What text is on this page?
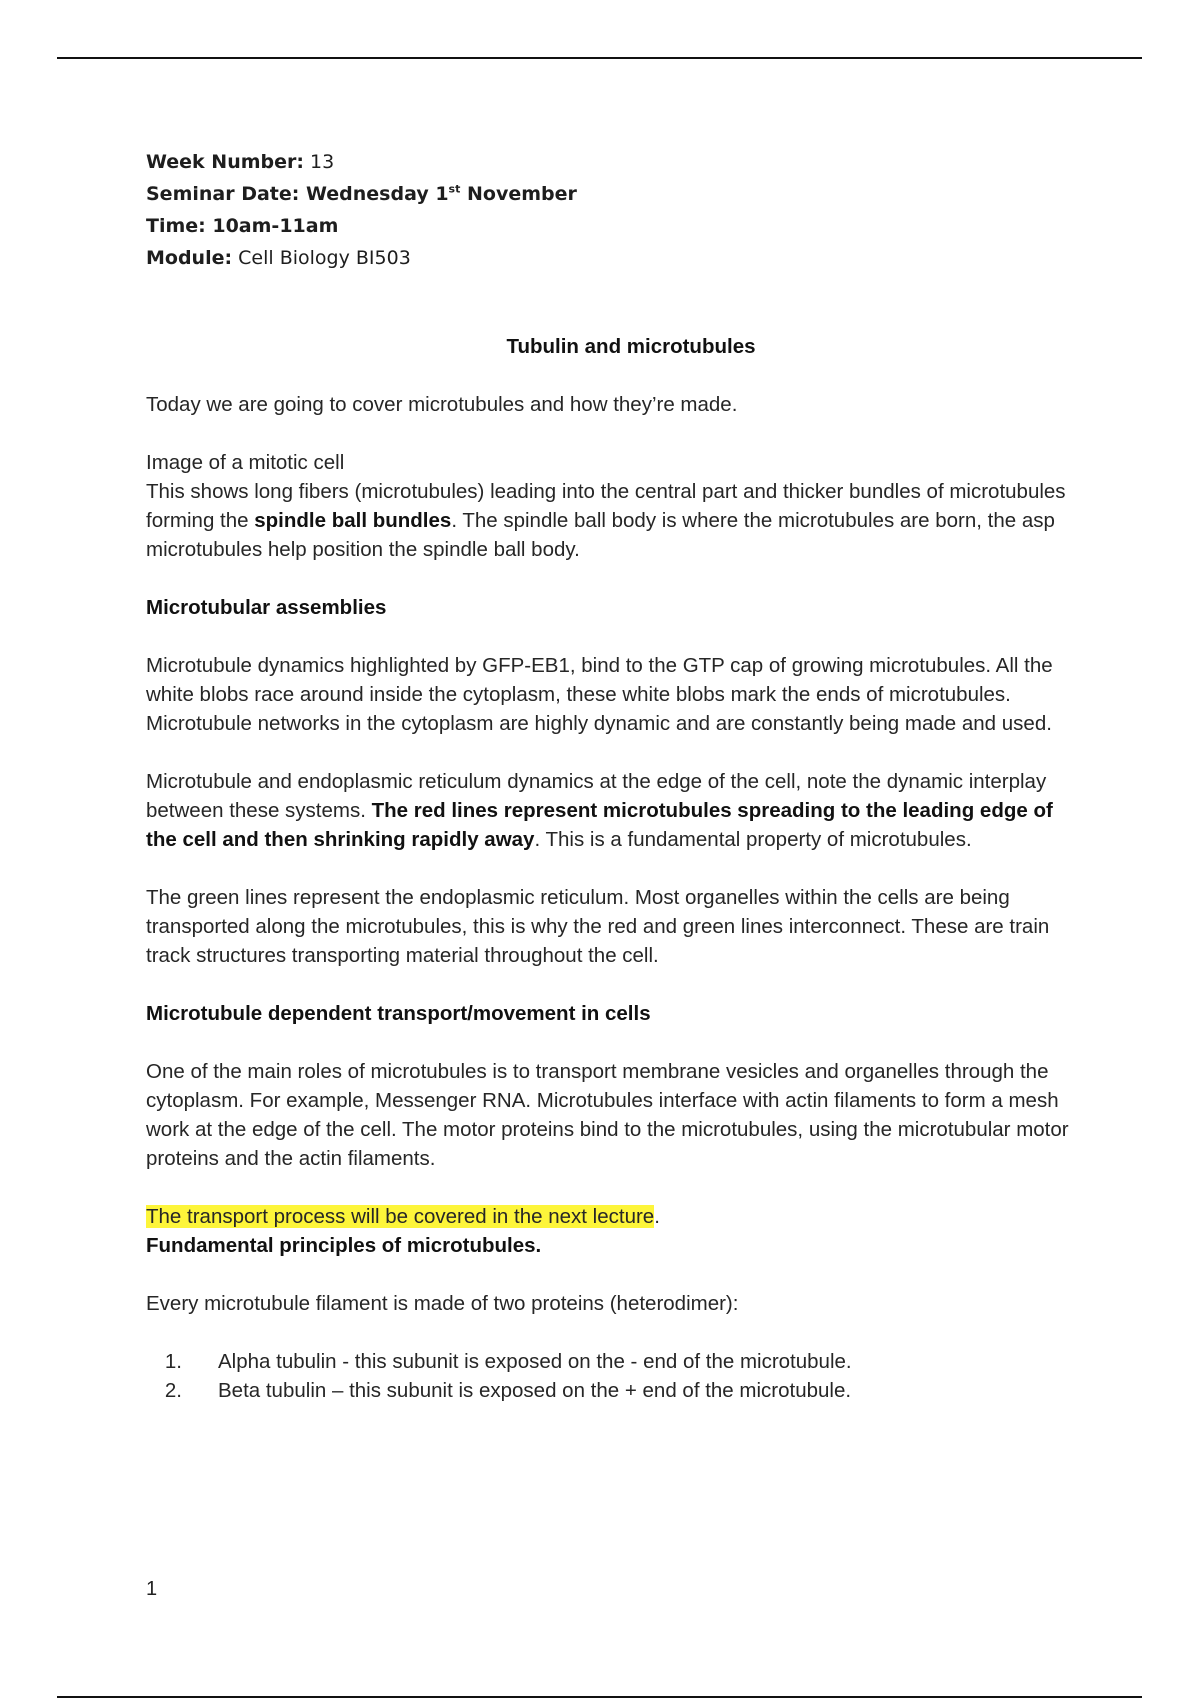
Week Number: 13
Seminar Date: Wednesday 1st November
Time: 10am-11am
Module: Cell Biology BI503

Tubulin and microtubules

Today we are going to cover microtubules and how they’re made.

Image of a mitotic cell

This shows long fibers (microtubules) leading into the central part and thicker bundles of microtubules forming the spindle ball bundles. The spindle ball body is where the microtubules are born, the asp microtubules help position the spindle ball body.

Microtubular assemblies

Microtubule dynamics highlighted by GFP-EB1, bind to the GTP cap of growing microtubules. All the white blobs race around inside the cytoplasm, these white blobs mark the ends of microtubules. Microtubule networks in the cytoplasm are highly dynamic and are constantly being made and used.

Microtubule and endoplasmic reticulum dynamics at the edge of the cell, note the dynamic interplay between these systems. The red lines represent microtubules spreading to the leading edge of the cell and then shrinking rapidly away. This is a fundamental property of microtubules.

The green lines represent the endoplasmic reticulum. Most organelles within the cells are being transported along the microtubules, this is why the red and green lines interconnect. These are train track structures transporting material throughout the cell.

Microtubule dependent transport/movement in cells

One of the main roles of microtubules is to transport membrane vesicles and organelles through the cytoplasm. For example, Messenger RNA. Microtubules interface with actin filaments to form a mesh work at the edge of the cell. The motor proteins bind to the microtubules, using the microtubular motor proteins and the actin filaments.

The transport process will be covered in the next lecture.

Fundamental principles of microtubules.

Every microtubule filament is made of two proteins (heterodimer):

1.	Alpha tubulin - this subunit is exposed on the - end of the microtubule.
2.	Beta tubulin – this subunit is exposed on the + end of the microtubule.
1
